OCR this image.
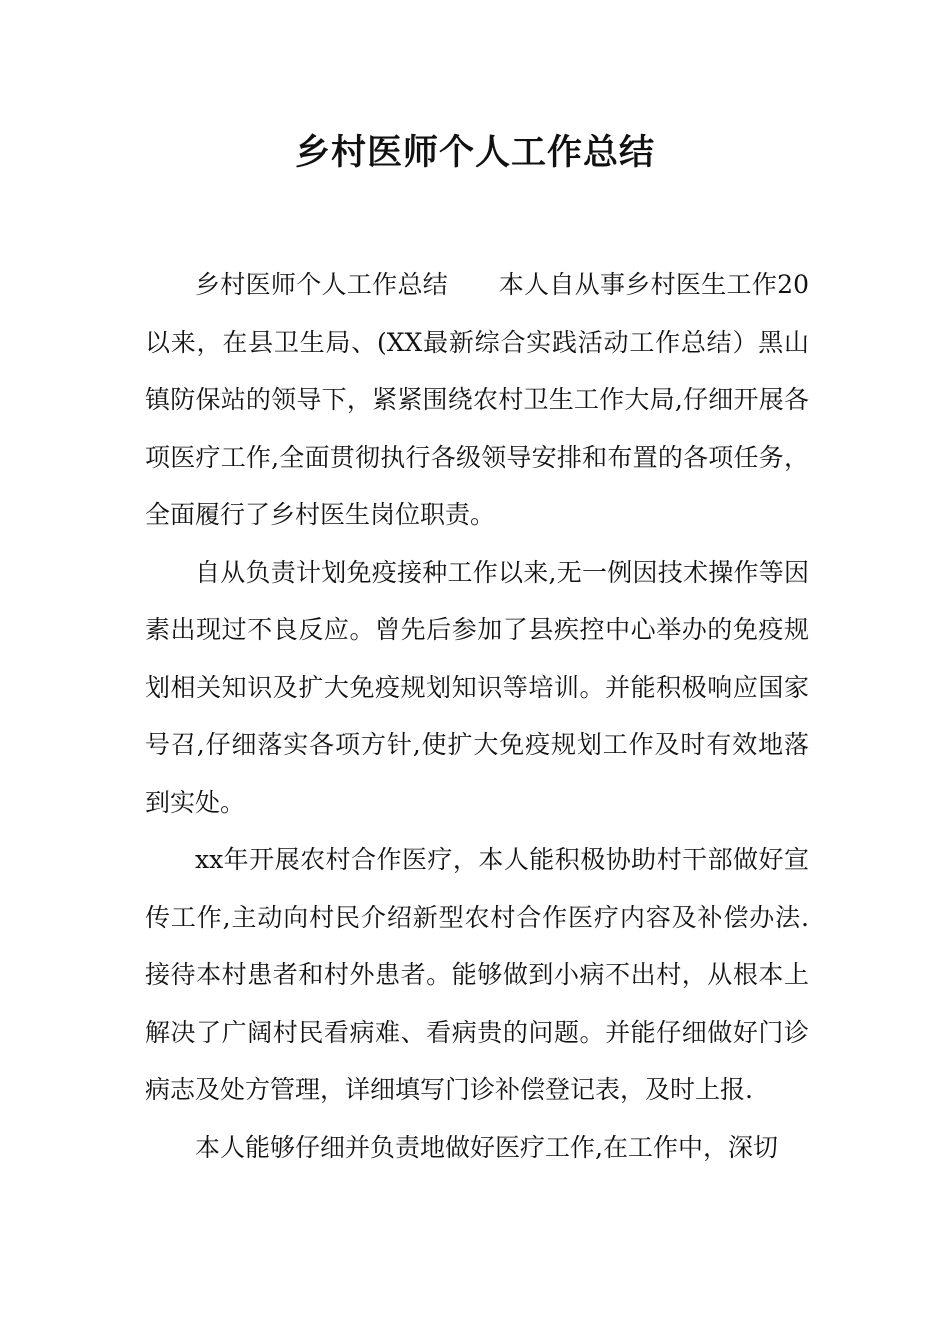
乡村医师个人工作总结

乡村医师个人工作总结　　本人自从事乡村医生工作20以来，在县卫生局、(XX最新综合实践活动工作总结）黑山镇防保站的领导下，紧紧围绕农村卫生工作大局,仔细开展各项医疗工作,全面贯彻执行各级领导安排和布置的各项任务，全面履行了乡村医生岗位职责。

自从负责计划免疫接种工作以来,无一例因技术操作等因素出现过不良反应。曾先后参加了县疾控中心举办的免疫规划相关知识及扩大免疫规划知识等培训。并能积极响应国家号召,仔细落实各项方针,使扩大免疫规划工作及时有效地落到实处。

xx年开展农村合作医疗，本人能积极协助村干部做好宣传工作,主动向村民介绍新型农村合作医疗内容及补偿办法.接待本村患者和村外患者。能够做到小病不出村，从根本上解决了广阔村民看病难、看病贵的问题。并能仔细做好门诊病志及处方管理，详细填写门诊补偿登记表，及时上报.

本人能够仔细并负责地做好医疗工作,在工作中，深切
